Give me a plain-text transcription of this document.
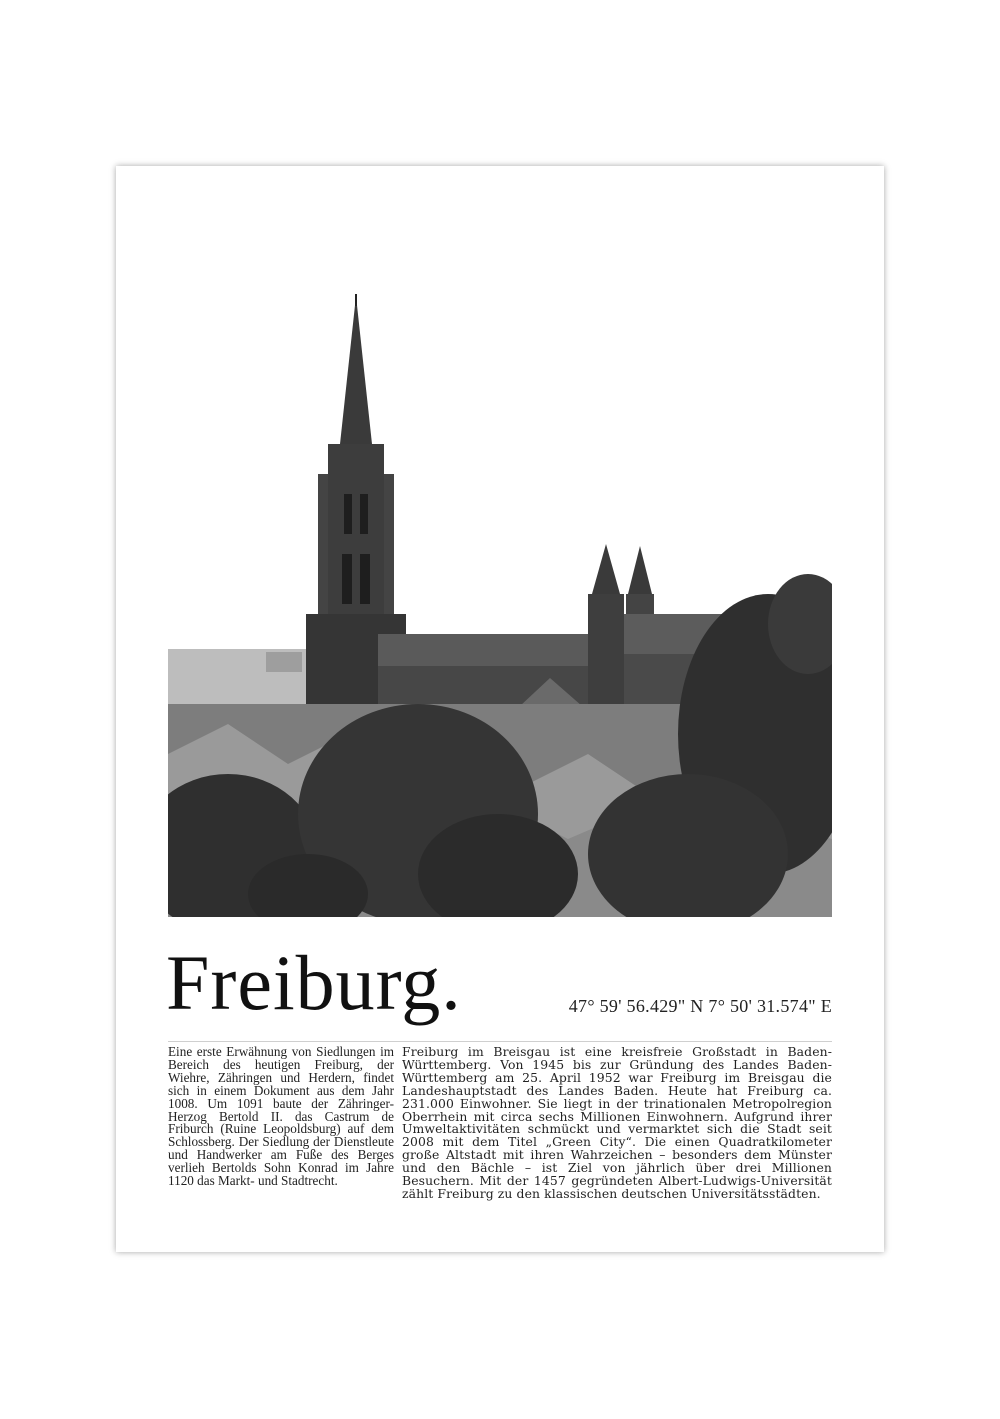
Freiburg.	47° 59' 56.429" N 7° 50' 31.574" E

Eine erste Erwähnung von Siedlungen im Bereich des heutigen Freiburg, der Wiehre, Zähringen und Herdern, findet sich in einem Dokument aus dem Jahr 1008. Um 1091 baute der Zähringer-Herzog Bertold II. das Castrum de Friburch (Ruine Leopoldsburg) auf dem Schlossberg. Der Siedlung der Dienstleute und Handwerker am Fuße des Berges verlieh Bertolds Sohn Konrad im Jahre 1120 das Markt- und Stadtrecht.

Freiburg im Breisgau ist eine kreisfreie Großstadt in Baden-Württemberg. Von 1945 bis zur Gründung des Landes Baden-Württemberg am 25. April 1952 war Freiburg im Breisgau die Landeshauptstadt des Landes Baden. Heute hat Freiburg ca. 231.000 Einwohner. Sie liegt in der trinationalen Metropolregion Oberrhein mit circa sechs Millionen Einwohnern. Aufgrund ihrer Umweltaktivitäten schmückt und vermarktet sich die Stadt seit 2008 mit dem Titel „Green City“. Die einen Quadratkilometer große Altstadt mit ihren Wahrzeichen – besonders dem Münster und den Bächle – ist Ziel von jährlich über drei Millionen Besuchern. Mit der 1457 gegründeten Albert-Ludwigs-Universität zählt Freiburg zu den klassischen deutschen Universitätsstädten.
